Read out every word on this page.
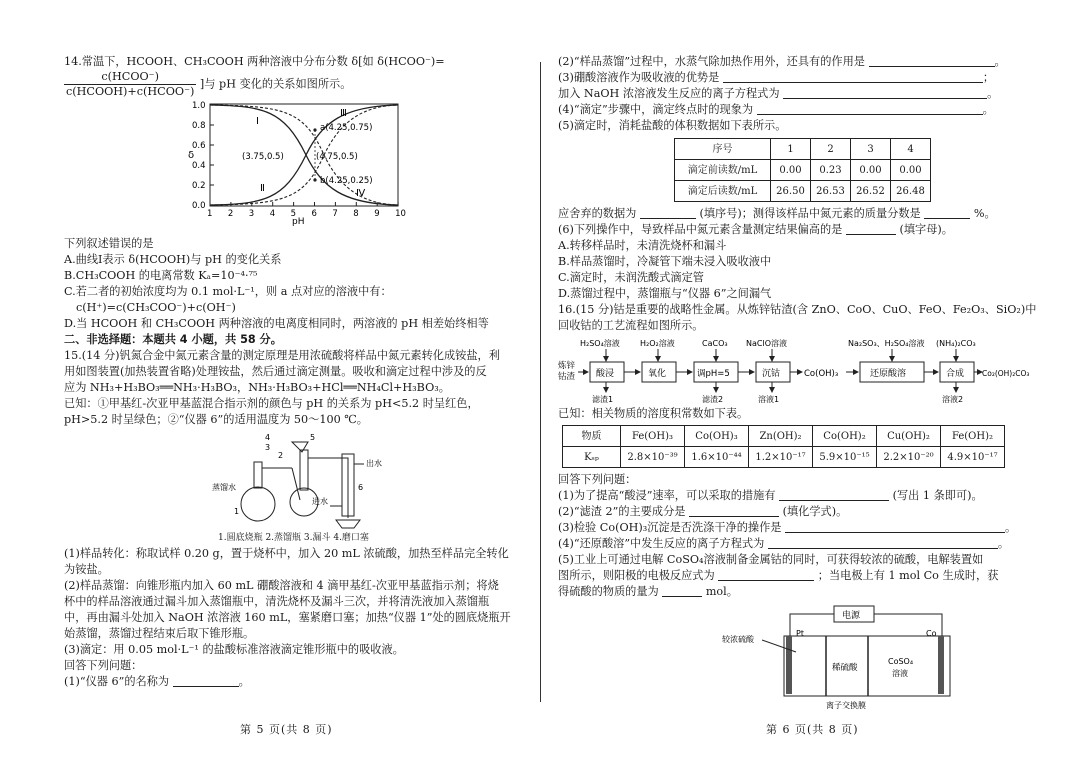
14.常温下，HCOOH、CH₃COOH 两种溶液中分布分数 δ[如 δ(HCOO⁻)=

$\frac{\text{c(HCOO⁻)}}{\text{c(HCOOH)+c(HCOO⁻)}}$ ]与 pH 变化的关系如图所示。
1.0
0.8
0.6
0.4
0.2
0.0
1 2 3 4 5 6 7 8 9 10
Ⅰ
Ⅱ
Ⅲ
Ⅳ
a(4.25,0.75)
b(4.25,0.25)
(3.75,0.5)	(4.75,0.5)
δ
pH

下列叙述错误的是

A.曲线Ⅰ表示 δ(HCOOH)与 pH 的变化关系

B.CH₃COOH 的电离常数 Kₐ=10⁻⁴·⁷⁵

C.若二者的初始浓度均为 0.1 mol·L⁻¹，则 a 点对应的溶液中有：

c(H⁺)=c(CH₃COO⁻)+c(OH⁻)

D.当 HCOOH 和 CH₃COOH 两种溶液的电离度相同时，两溶液的 pH 相差始终相等

二、非选择题：本题共 4 小题，共 58 分。

15.(14 分)钒氮合金中氮元素含量的测定原理是用浓硫酸将样品中氮元素转化成铵盐，利

用如图装置(加热装置省略)处理铵盐，然后通过滴定测量。吸收和滴定过程中涉及的反

应为 NH₃+H₃BO₃══NH₃·H₃BO₃，NH₃·H₃BO₃+HCl══NH₄Cl+H₃BO₃。

已知：①甲基红-次亚甲基蓝混合指示剂的颜色与 pH 的关系为 pH<5.2 时呈红色，

pH>5.2 时呈绿色；②“仪器 6”的适用温度为 50～100 ℃。

4
3
2
5
1
6
出水
进水
蒸馏水

1.圆底烧瓶 2.蒸馏瓶 3.漏斗 4.磨口塞

(1)样品转化：称取试样 0.20 g，置于烧杯中，加入 20 mL 浓硫酸，加热至样品完全转化

为铵盐。

(2)样品蒸馏：向锥形瓶内加入 60 mL 硼酸溶液和 4 滴甲基红-次亚甲基蓝指示剂；将烧

杯中的样品溶液通过漏斗加入蒸馏瓶中，清洗烧杯及漏斗三次，并将清洗液加入蒸馏瓶

中，再由漏斗处加入 NaOH 浓溶液 160 mL，塞紧磨口塞；加热“仪器 1”处的圆底烧瓶开

始蒸馏，蒸馏过程结束后取下锥形瓶。

(3)滴定：用 0.05 mol·L⁻¹ 的盐酸标准溶液滴定锥形瓶中的吸收液。

回答下列问题：

(1)“仪器 6”的名称为	。

第 5 页(共 8 页)

(2)“样品蒸馏”过程中，水蒸气除加热作用外，还具有的作用是	。

(3)硼酸溶液作为吸收液的优势是	；

加入 NaOH 浓溶液发生反应的离子方程式为	。

(4)“滴定”步骤中，滴定终点时的现象为	。

(5)滴定时，消耗盐酸的体积数据如下表所示。

序号	1	2	3	4
滴定前读数/mL	0.00	0.23	0.00	0.00
滴定后读数/mL	26.50	26.53	26.52	26.48

应舍弃的数据为	(填序号)；测得该样品中氮元素的质量分数是	%。

(6)下列操作中，导致样品中氮元素含量测定结果偏高的是	(填字母)。

A.转移样品时，未清洗烧杯和漏斗

B.样品蒸馏时，冷凝管下端未浸入吸收液中

C.滴定时，未润洗酸式滴定管

D.蒸馏过程中，蒸馏瓶与“仪器 6”之间漏气

16.(15 分)钴是重要的战略性金属。从炼锌钴渣(含 ZnO、CoO、CuO、FeO、Fe₂O₃、SiO₂)中

回收钴的工艺流程如图所示。

炼锌
钴渣
炼锌钴渣
酸浸	氧化	调pH=5	沉钴	Co(OH)₃	还原酸溶	合成 Co₂(OH)₂CO₃
H₂SO₄溶液	H₂O₂溶液	CaCO₃ NaClO溶液	Na₂SO₃、H₂SO₄溶液 (NH₄)₂CO₃
滤渣1	滤渣2	溶液1	溶液2

已知：相关物质的溶度积常数如下表。

物质	Fe(OH)₃	Co(OH)₃	Zn(OH)₂	Co(OH)₂	Cu(OH)₂	Fe(OH)₂
Kₛₚ	2.8×10⁻³⁹	1.6×10⁻⁴⁴	1.2×10⁻¹⁷	5.9×10⁻¹⁵	2.2×10⁻²⁰	4.9×10⁻¹⁷

回答下列问题：

(1)为了提高“酸浸”速率，可以采取的措施有	(写出 1 条即可)。

(2)“滤渣 2”的主要成分是	(填化学式)。

(3)检验 Co(OH)₃沉淀是否洗涤干净的操作是	。

(4)“还原酸溶”中发生反应的离子方程式为	。

(5)工业上可通过电解 CoSO₄溶液制备金属钴的同时，可获得较浓的硫酸，电解装置如

图所示，则阳极的电极反应式为	；当电极上有 1 mol Co 生成时，获

得硫酸的物质的量为	mol。

电源
Pt	Co
较浓硫酸
稀硫酸
CoSO₄
溶液
离子交换膜
第 6 页(共 8 页)
